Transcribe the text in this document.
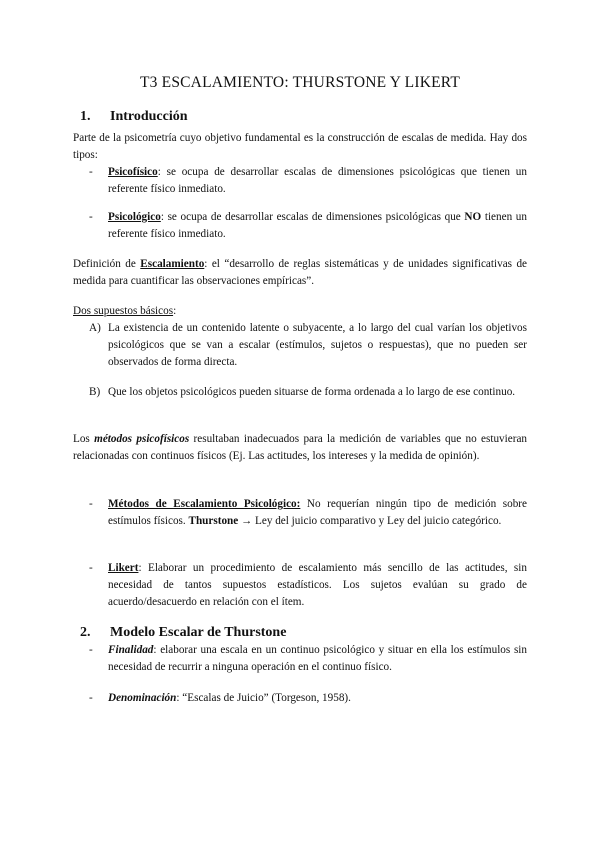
T3 ESCALAMIENTO: THURSTONE Y LIKERT
1. Introducción
Parte de la psicometría cuyo objetivo fundamental es la construcción de escalas de medida. Hay dos tipos:
-	Psicofísico: se ocupa de desarrollar escalas de dimensiones psicológicas que tienen un referente físico inmediato.
-	Psicológico: se ocupa de desarrollar escalas de dimensiones psicológicas que NO tienen un referente físico inmediato.
Definición de Escalamiento: el “desarrollo de reglas sistemáticas y de unidades significativas de medida para cuantificar las observaciones empíricas”.
Dos supuestos básicos:
A) La existencia de un contenido latente o subyacente, a lo largo del cual varían los objetivos psicológicos que se van a escalar (estímulos, sujetos o respuestas), que no pueden ser observados de forma directa.
B) Que los objetos psicológicos pueden situarse de forma ordenada a lo largo de ese continuo.
Los métodos psicofísicos resultaban inadecuados para la medición de variables que no estuvieran relacionadas con continuos físicos (Ej. Las actitudes, los intereses y la medida de opinión).
-	Métodos de Escalamiento Psicológico: No requerían ningún tipo de medición sobre estímulos físicos. Thurstone → Ley del juicio comparativo y Ley del juicio categórico.
-	Likert: Elaborar un procedimiento de escalamiento más sencillo de las actitudes, sin necesidad de tantos supuestos estadísticos. Los sujetos evalúan su grado de acuerdo/desacuerdo en relación con el ítem.
2. Modelo Escalar de Thurstone
-	Finalidad: elaborar una escala en un continuo psicológico y situar en ella los estímulos sin necesidad de recurrir a ninguna operación en el continuo físico.
-	Denominación: “Escalas de Juicio” (Torgeson, 1958).
